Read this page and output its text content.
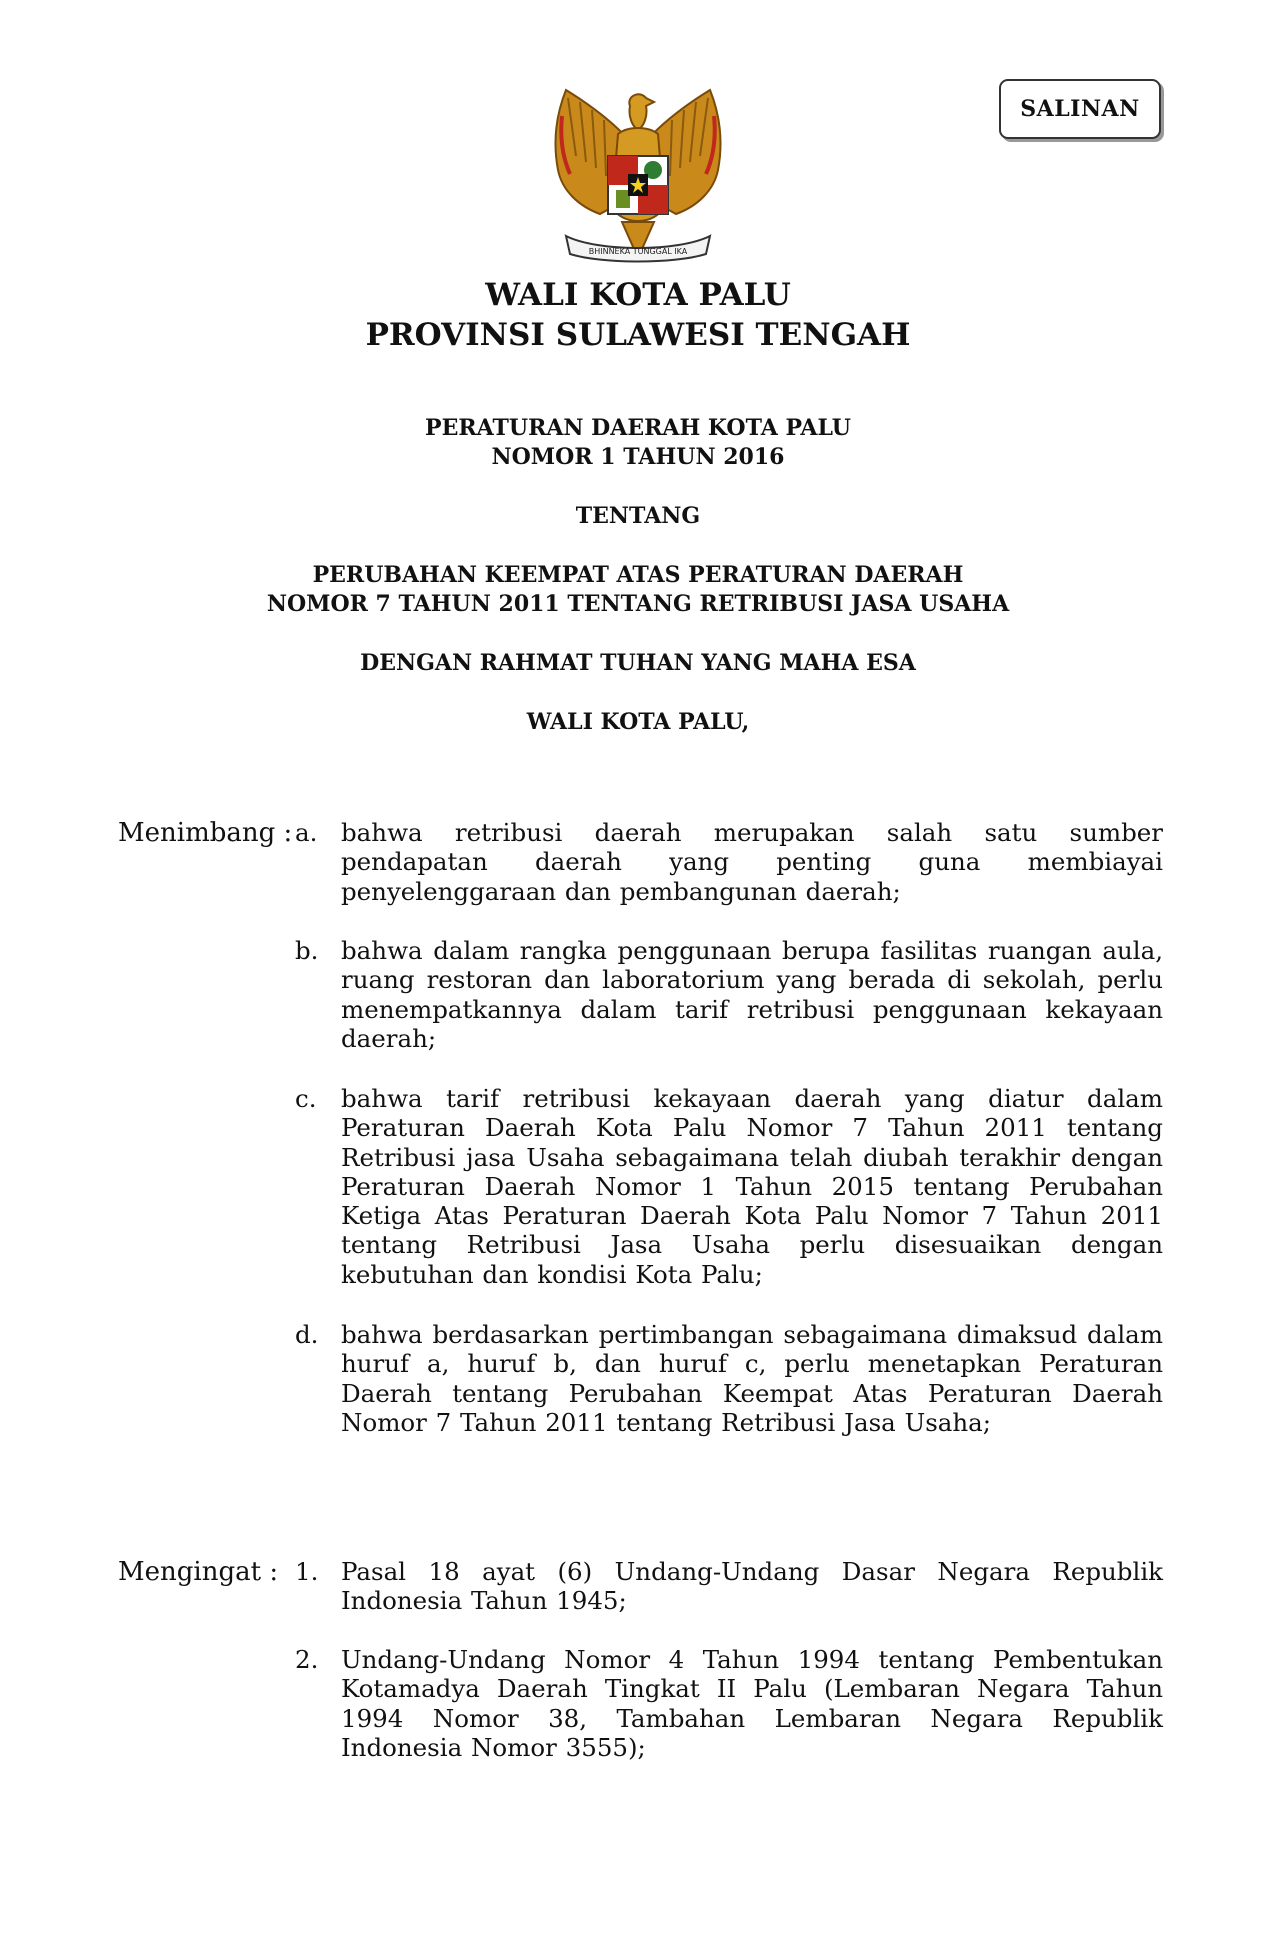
SALINAN
BHINNEKA TUNGGAL IKA
WALI KOTA PALU
PROVINSI SULAWESI TENGAH
PERATURAN DAERAH KOTA PALU
NOMOR 1 TAHUN 2016
TENTANG
PERUBAHAN KEEMPAT ATAS PERATURAN DAERAH
NOMOR 7 TAHUN 2011 TENTANG RETRIBUSI JASA USAHA
DENGAN RAHMAT TUHAN YANG MAHA ESA
WALI KOTA PALU,
Menimbang : a. bahwa retribusi daerah merupakan salah satu sumber pendapatan daerah yang penting guna membiayai penyelenggaraan dan pembangunan daerah;
b. bahwa dalam rangka penggunaan berupa fasilitas ruangan aula, ruang restoran dan laboratorium yang berada di sekolah, perlu menempatkannya dalam tarif retribusi penggunaan kekayaan daerah;
c. bahwa tarif retribusi kekayaan daerah yang diatur dalam Peraturan Daerah Kota Palu Nomor 7 Tahun 2011 tentang Retribusi jasa Usaha sebagaimana telah diubah terakhir dengan Peraturan Daerah Nomor 1 Tahun 2015 tentang Perubahan Ketiga Atas Peraturan Daerah Kota Palu Nomor 7 Tahun 2011 tentang Retribusi Jasa Usaha perlu disesuaikan dengan kebutuhan dan kondisi Kota Palu;
d. bahwa berdasarkan pertimbangan sebagaimana dimaksud dalam huruf a, huruf b, dan huruf c, perlu menetapkan Peraturan Daerah tentang Perubahan Keempat Atas Peraturan Daerah Nomor 7 Tahun 2011 tentang Retribusi Jasa Usaha;
Mengingat : 1. Pasal 18 ayat (6) Undang-Undang Dasar Negara Republik Indonesia Tahun 1945;
2. Undang-Undang Nomor 4 Tahun 1994 tentang Pembentukan Kotamadya Daerah Tingkat II Palu (Lembaran Negara Tahun 1994 Nomor 38, Tambahan Lembaran Negara Republik Indonesia Nomor 3555);
